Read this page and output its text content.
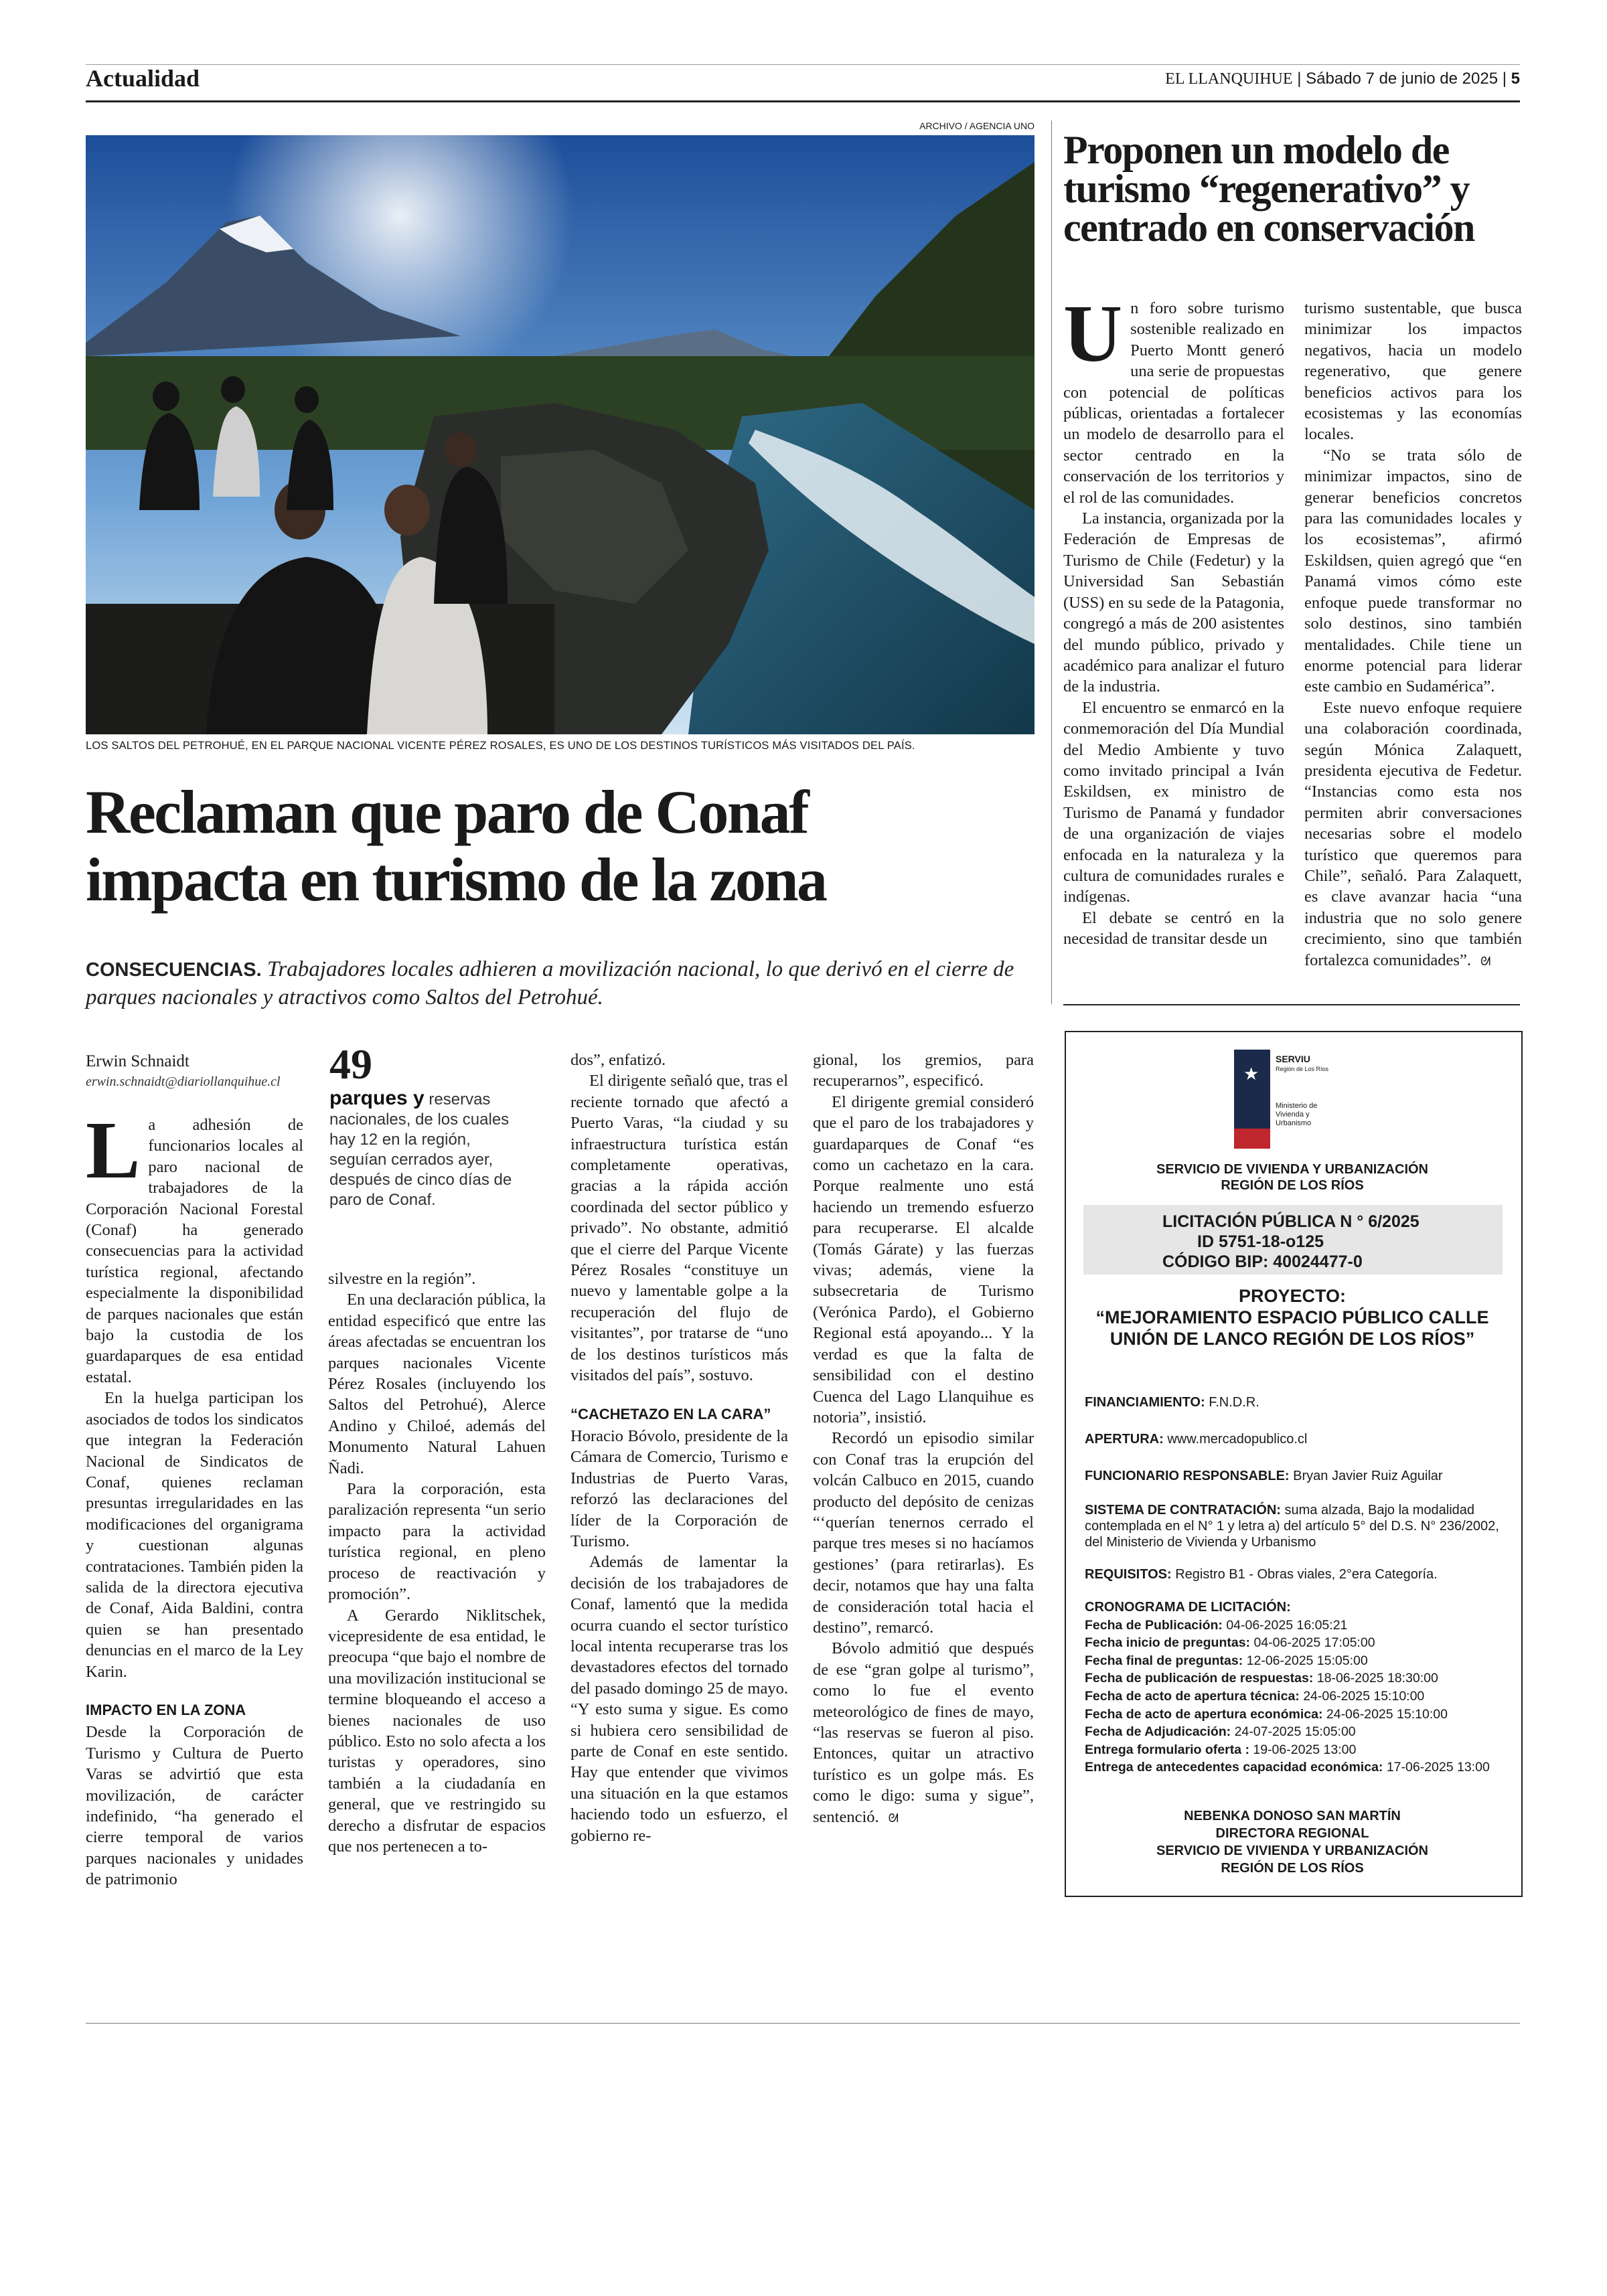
Actualidad	EL LLANQUIHUE | Sábado 7 de junio de 2025 | 5
ARCHIVO / AGENCIA UNO
LOS SALTOS DEL PETROHUÉ, EN EL PARQUE NACIONAL VICENTE PÉREZ ROSALES, ES UNO DE LOS DESTINOS TURÍSTICOS MÁS VISITADOS DEL PAÍS.
Reclaman que paro de Conaf
impacta en turismo de la zona
CONSECUENCIAS. Trabajadores locales adhieren a movilización nacional, lo que derivó en el cierre de parques nacionales y atractivos como Saltos del Petrohué.
Erwin Schnaidt
erwin.schnaidt@diariollanquihue.cl 49
parques y reservas nacionales, de los cuales hay 12 en la región, seguían cerrados ayer, después de cinco días de paro de Conaf.

La adhesión de funcionarios locales al paro nacional de trabajadores de la Corporación Nacional Forestal (Conaf) ha generado consecuencias para la actividad turística regional, afectando especialmente la disponibilidad de parques nacionales que están bajo la custodia de los guardaparques de esa entidad estatal.

En la huelga participan los asociados de todos los sindicatos que integran la Federación Nacional de Sindicatos de Conaf, quienes reclaman presuntas irregularidades en las modificaciones del organigrama y cuestionan algunas contrataciones. También piden la salida de la directora ejecutiva de Conaf, Aida Baldini, contra quien se han presentado denuncias en el marco de la Ley Karin.

IMPACTO EN LA ZONA

Desde la Corporación de Turismo y Cultura de Puerto Varas se advirtió que esta movilización, de carácter indefinido, “ha generado el cierre temporal de varios parques nacionales y unidades de patrimonio

silvestre en la región”.

En una declaración pública, la entidad especificó que entre las áreas afectadas se encuentran los parques nacionales Vicente Pérez Rosales (incluyendo los Saltos del Petrohué), Alerce Andino y Chiloé, además del Monumento Natural Lahuen Ñadi.

Para la corporación, esta paralización representa “un serio impacto para la actividad turística regional, en pleno proceso de reactivación y promoción”.

A Gerardo Niklitschek, vicepresidente de esa entidad, le preocupa “que bajo el nombre de una movilización institucional se termine bloqueando el acceso a bienes nacionales de uso público. Esto no solo afecta a los turistas y operadores, sino también a la ciudadanía en general, que ve restringido su derecho a disfrutar de espacios que nos pertenecen a to-

dos”, enfatizó.

El dirigente señaló que, tras el reciente tornado que afectó a Puerto Varas, “la ciudad y su infraestructura turística están completamente operativas, gracias a la rápida acción coordinada del sector público y privado”. No obstante, admitió que el cierre del Parque Vicente Pérez Rosales “constituye un nuevo y lamentable golpe a la recuperación del flujo de visitantes”, por tratarse de “uno de los destinos turísticos más visitados del país”, sostuvo.

“CACHETAZO EN LA CARA”

Horacio Bóvolo, presidente de la Cámara de Comercio, Turismo e Industrias de Puerto Varas, reforzó las declaraciones del líder de la Corporación de Turismo.

Además de lamentar la decisión de los trabajadores de Conaf, lamentó que la medida ocurra cuando el sector turístico local intenta recuperarse tras los devastadores efectos del tornado del pasado domingo 25 de mayo. “Y esto suma y sigue. Es como si hubiera cero sensibilidad de parte de Conaf en este sentido. Hay que entender que vivimos una situación en la que estamos haciendo todo un esfuerzo, el gobierno re-

gional, los gremios, para recuperarnos”, especificó.

El dirigente gremial consideró que el paro de los trabajadores y guardaparques de Conaf “es como un cachetazo en la cara. Porque realmente uno está haciendo un tremendo esfuerzo para recuperarse. El alcalde (Tomás Gárate) y las fuerzas vivas; además, viene la subsecretaria de Turismo (Verónica Pardo), el Gobierno Regional está apoyando... Y la verdad es que la falta de sensibilidad con el destino Cuenca del Lago Llanquihue es notoria”, insistió.

Recordó un episodio similar con Conaf tras la erupción del volcán Calbuco en 2015, cuando producto del depósito de cenizas “‘querían tenernos cerrado el parque tres meses si no hacíamos gestiones’ (para retirarlas). Es decir, notamos que hay una falta de consideración total hacia el destino”, remarcó.

Bóvolo admitió que después de ese “gran golpe al turismo”, como lo fue el evento meteorológico de fines de mayo, “las reservas se fueron al piso. Entonces, quitar un atractivo turístico es un golpe más. Es como le digo: suma y sigue”, sentenció. ᘛ

Proponen un modelo de turismo “regenerativo” y centrado en conservación

Un foro sobre turismo sostenible realizado en Puerto Montt generó una serie de propuestas con potencial de políticas públicas, orientadas a fortalecer un modelo de desarrollo para el sector centrado en la conservación de los territorios y el rol de las comunidades.

La instancia, organizada por la Federación de Empresas de Turismo de Chile (Fedetur) y la Universidad San Sebastián (USS) en su sede de la Patagonia, congregó a más de 200 asistentes del mundo público, privado y académico para analizar el futuro de la industria.

El encuentro se enmarcó en la conmemoración del Día Mundial del Medio Ambiente y tuvo como invitado principal a Iván Eskildsen, ex ministro de Turismo de Panamá y fundador de una organización de viajes enfocada en la naturaleza y la cultura de comunidades rurales e indígenas.

El debate se centró en la necesidad de transitar desde un

turismo sustentable, que busca minimizar los impactos negativos, hacia un modelo regenerativo, que genere beneficios activos para los ecosistemas y las economías locales.

“No se trata sólo de minimizar impactos, sino de generar beneficios concretos para las comunidades locales y los ecosistemas”, afirmó Eskildsen, quien agregó que “en Panamá vimos cómo este enfoque puede transformar no solo destinos, sino también mentalidades. Chile tiene un enorme potencial para liderar este cambio en Sudamérica”.

Este nuevo enfoque requiere una colaboración coordinada, según Mónica Zalaquett, presidenta ejecutiva de Fedetur. “Instancias como esta nos permiten abrir conversaciones necesarias sobre el modelo turístico que queremos para Chile”, señaló. Para Zalaquett, es clave avanzar hacia “una industria que no solo genere crecimiento, sino que también fortalezca comunidades”. ᘛ

★
SERVIU
Región de Los Ríos
Ministerio de Vivienda y Urbanismo
SERVICIO DE VIVIENDA Y URBANIZACIÓN
REGIÓN DE LOS RÍOS
LICITACIÓN PÚBLICA N ° 6/2025
ID 5751-18-o125
CÓDIGO BIP: 40024477-0
PROYECTO:
“MEJORAMIENTO ESPACIO PÚBLICO CALLE
UNIÓN DE LANCO REGIÓN DE LOS RÍOS”
FINANCIAMIENTO: F.N.D.R.
APERTURA: www.mercadopublico.cl
FUNCIONARIO RESPONSABLE: Bryan Javier Ruiz Aguilar
SISTEMA DE CONTRATACIÓN: suma alzada, Bajo la modalidad contemplada en el N° 1 y letra a) del artículo 5° del D.S. N° 236/2002, del Ministerio de Vivienda y Urbanismo
REQUISITOS: Registro B1 - Obras viales, 2°era Categoría.
CRONOGRAMA DE LICITACIÓN:
Fecha de Publicación: 04-06-2025 16:05:21
Fecha inicio de preguntas: 04-06-2025 17:05:00
Fecha final de preguntas: 12-06-2025 15:05:00
Fecha de publicación de respuestas: 18-06-2025 18:30:00
Fecha de acto de apertura técnica: 24-06-2025 15:10:00
Fecha de acto de apertura económica: 24-06-2025 15:10:00
Fecha de Adjudicación: 24-07-2025 15:05:00
Entrega formulario oferta : 19-06-2025 13:00
Entrega de antecedentes capacidad económica: 17-06-2025 13:00
NEBENKA DONOSO SAN MARTÍN
DIRECTORA REGIONAL
SERVICIO DE VIVIENDA Y URBANIZACIÓN
REGIÓN DE LOS RÍOS
